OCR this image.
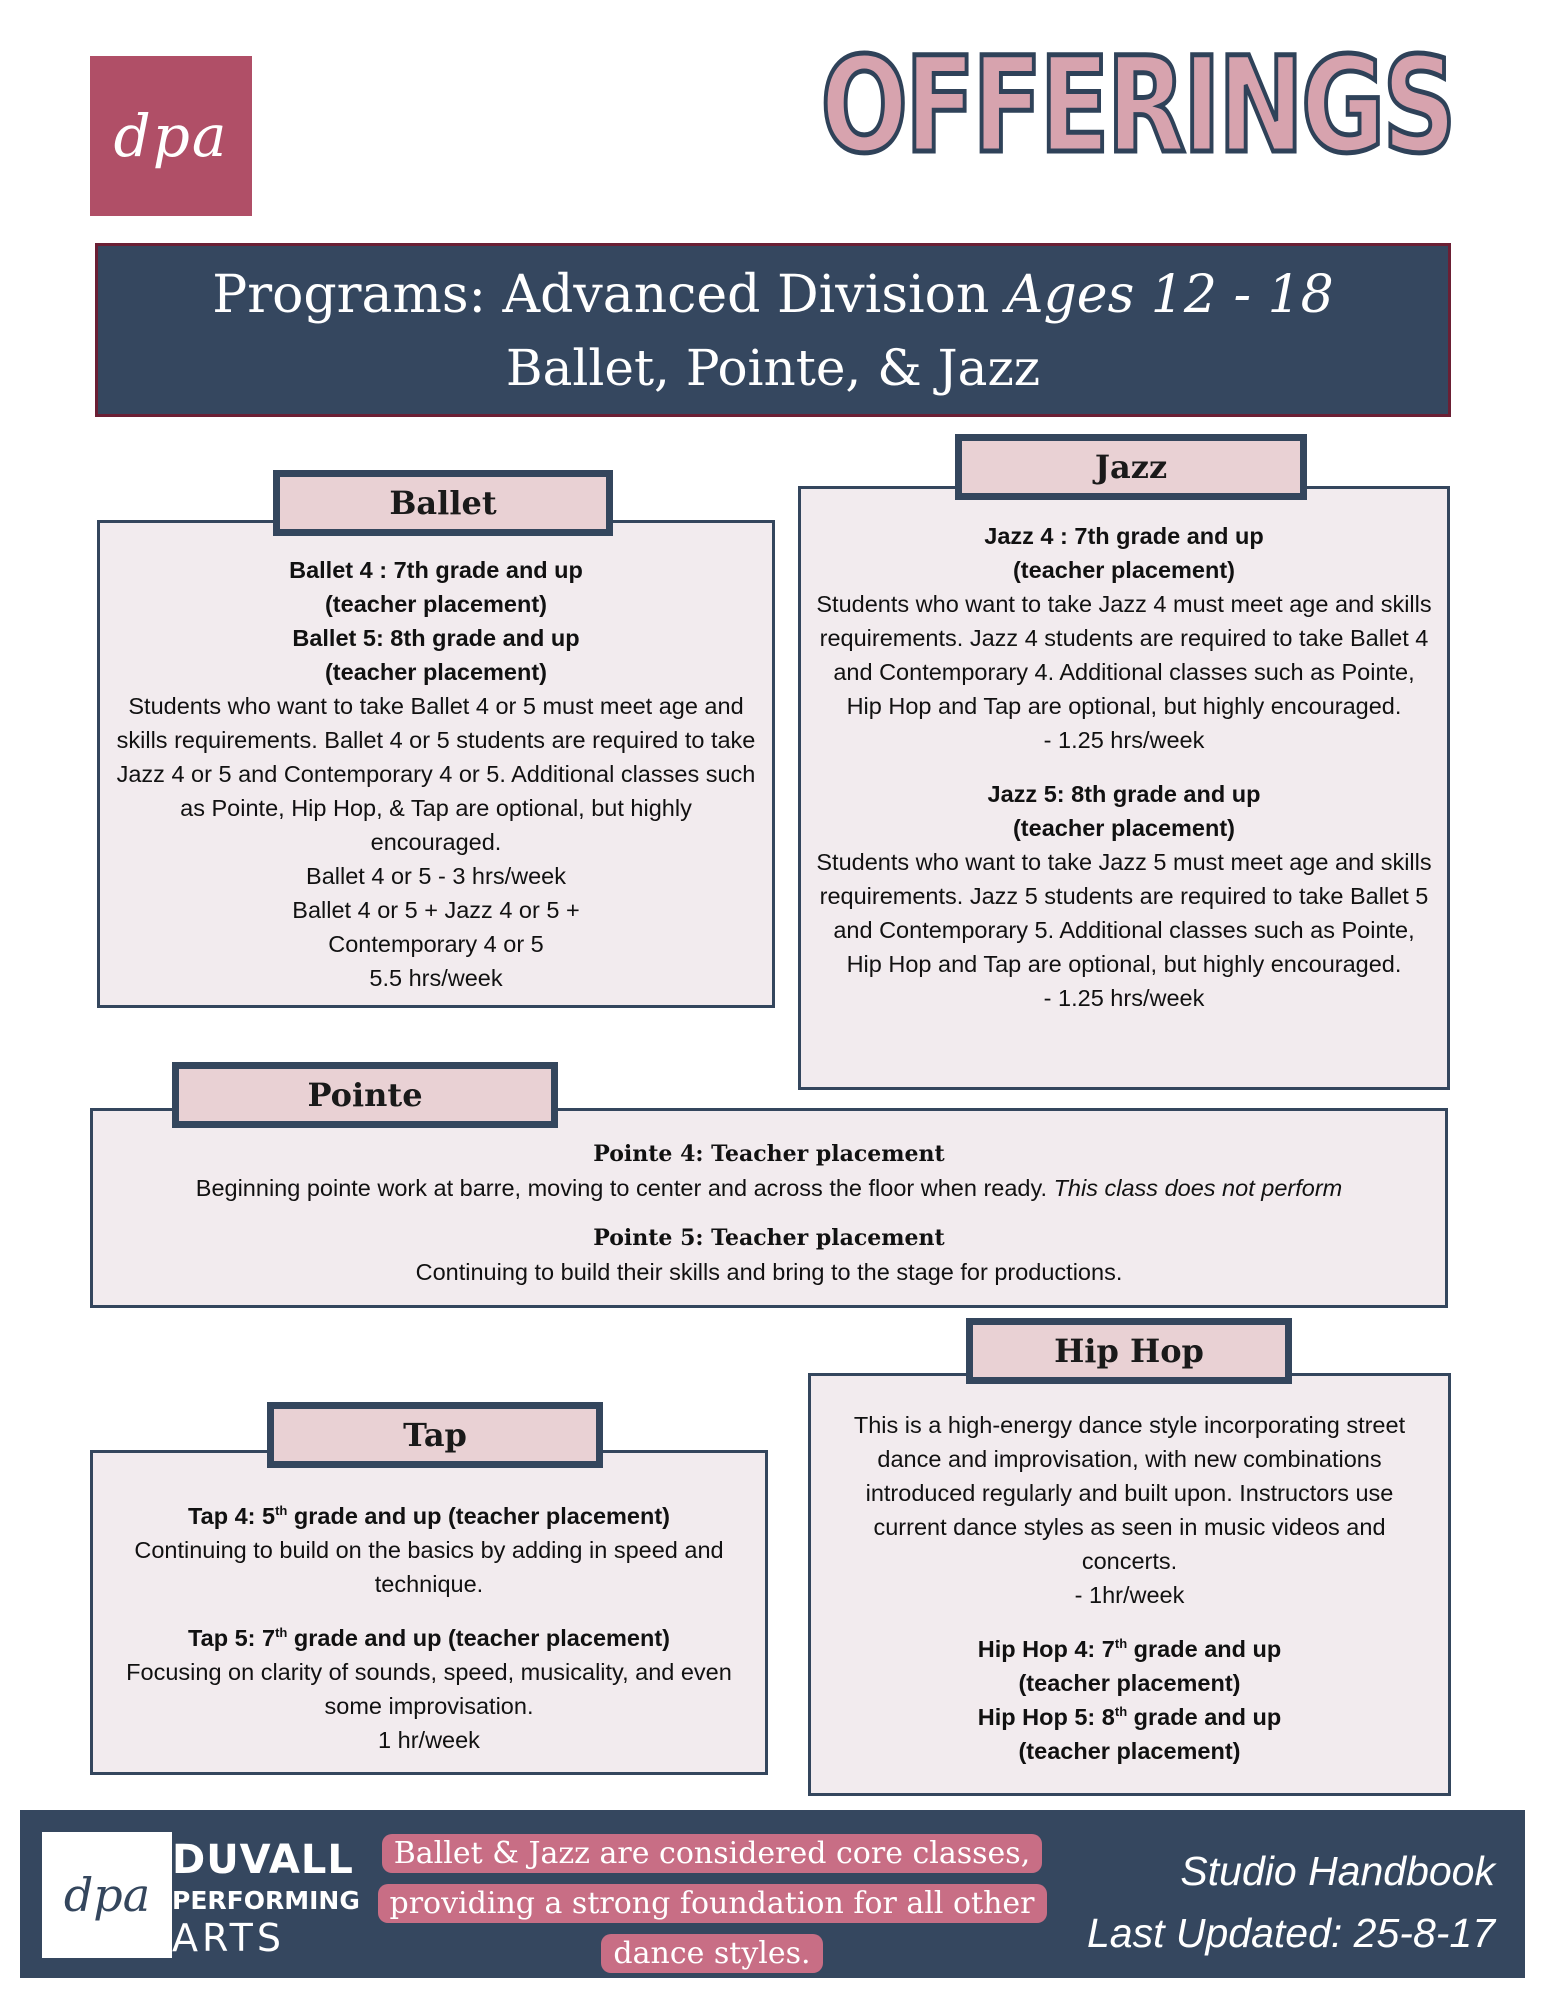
dpa	OFFERINGS
Programs: Advanced Division Ages 12 - 18
Ballet, Pointe, & Jazz
Ballet 4 : 7th grade and up
(teacher placement)
Ballet 5: 8th grade and up
(teacher placement)
Students who want to take Ballet 4 or 5 must meet age and skills requirements. Ballet 4 or 5 students are required to take Jazz 4 or 5 and Contemporary 4 or 5. Additional classes such as Pointe, Hip Hop, & Tap are optional, but highly encouraged.
Ballet 4 or 5 - 3 hrs/week
Ballet 4 or 5 + Jazz 4 or 5 +
Contemporary 4 or 5
5.5 hrs/week
Ballet
Jazz 4 : 7th grade and up
(teacher placement)
Students who want to take Jazz 4 must meet age and skills requirements. Jazz 4 students are required to take Ballet 4 and Contemporary 4. Additional classes such as Pointe, Hip Hop and Tap are optional, but highly encouraged.
- 1.25 hrs/week
Jazz 5: 8th grade and up
(teacher placement)
Students who want to take Jazz 5 must meet age and skills requirements. Jazz 5 students are required to take Ballet 5 and Contemporary 5. Additional classes such as Pointe, Hip Hop and Tap are optional, but highly encouraged.
- 1.25 hrs/week
Jazz
Pointe 4: Teacher placement
Beginning pointe work at barre, moving to center and across the floor when ready. This class does not perform
Pointe 5: Teacher placement
Continuing to build their skills and bring to the stage for productions.
Pointe
Tap 4: 5th grade and up (teacher placement)
Continuing to build on the basics by adding in speed and technique.
Tap 5: 7th grade and up (teacher placement)
Focusing on clarity of sounds, speed, musicality, and even some improvisation.
1 hr/week
Tap	This is a high-energy dance style incorporating street dance and improvisation, with new combinations introduced regularly and built upon. Instructors use current dance styles as seen in music videos and concerts.
- 1hr/week
Hip Hop 4: 7th grade and up
(teacher placement)
Hip Hop 5: 8th grade and up
(teacher placement)
Hip Hop
dpa
DUVALL
PERFORMING
ARTS
Ballet & Jazz are considered core classes,
providing a strong foundation for all other
dance styles.
Studio Handbook
Last Updated: 25-8-17
